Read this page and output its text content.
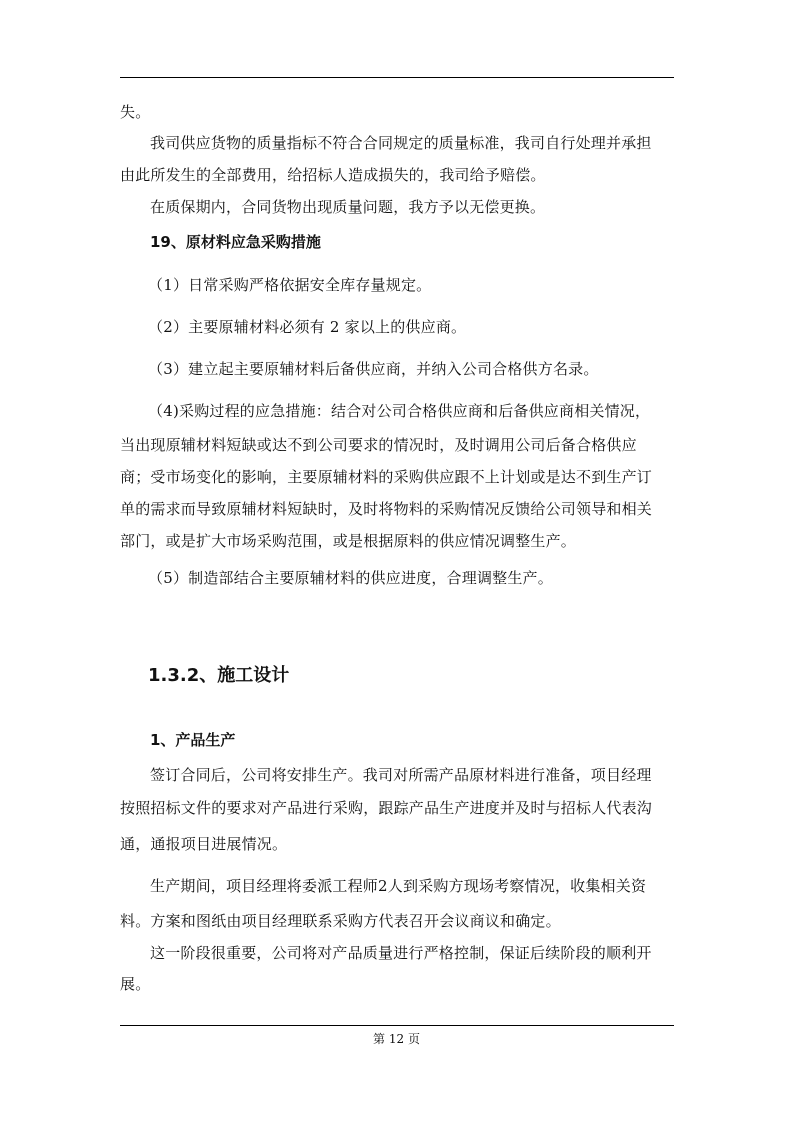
失。

我司供应货物的质量指标不符合合同规定的质量标准，我司自行处理并承担

由此所发生的全部费用，给招标人造成损失的，我司给予赔偿。

在质保期内，合同货物出现质量问题，我方予以无偿更换。

19、原材料应急采购措施

（1）日常采购严格依据安全库存量规定。

（2）主要原辅材料必须有 2 家以上的供应商。

（3）建立起主要原辅材料后备供应商，并纳入公司合格供方名录。

（4)采购过程的应急措施：结合对公司合格供应商和后备供应商相关情况，

当出现原辅材料短缺或达不到公司要求的情况时，及时调用公司后备合格供应

商；受市场变化的影响，主要原辅材料的采购供应跟不上计划或是达不到生产订

单的需求而导致原辅材料短缺时，及时将物料的采购情况反馈给公司领导和相关

部门，或是扩大市场采购范围，或是根据原料的供应情况调整生产。

（5）制造部结合主要原辅材料的供应进度，合理调整生产。

1.3.2、施工设计
1、产品生产

签订合同后，公司将安排生产。我司对所需产品原材料进行准备，项目经理

按照招标文件的要求对产品进行采购，跟踪产品生产进度并及时与招标人代表沟

通，通报项目进展情况。

生产期间，项目经理将委派工程师2人到采购方现场考察情况，收集相关资

料。方案和图纸由项目经理联系采购方代表召开会议商议和确定。

这一阶段很重要，公司将对产品质量进行严格控制，保证后续阶段的顺利开

展。

第 12 页
